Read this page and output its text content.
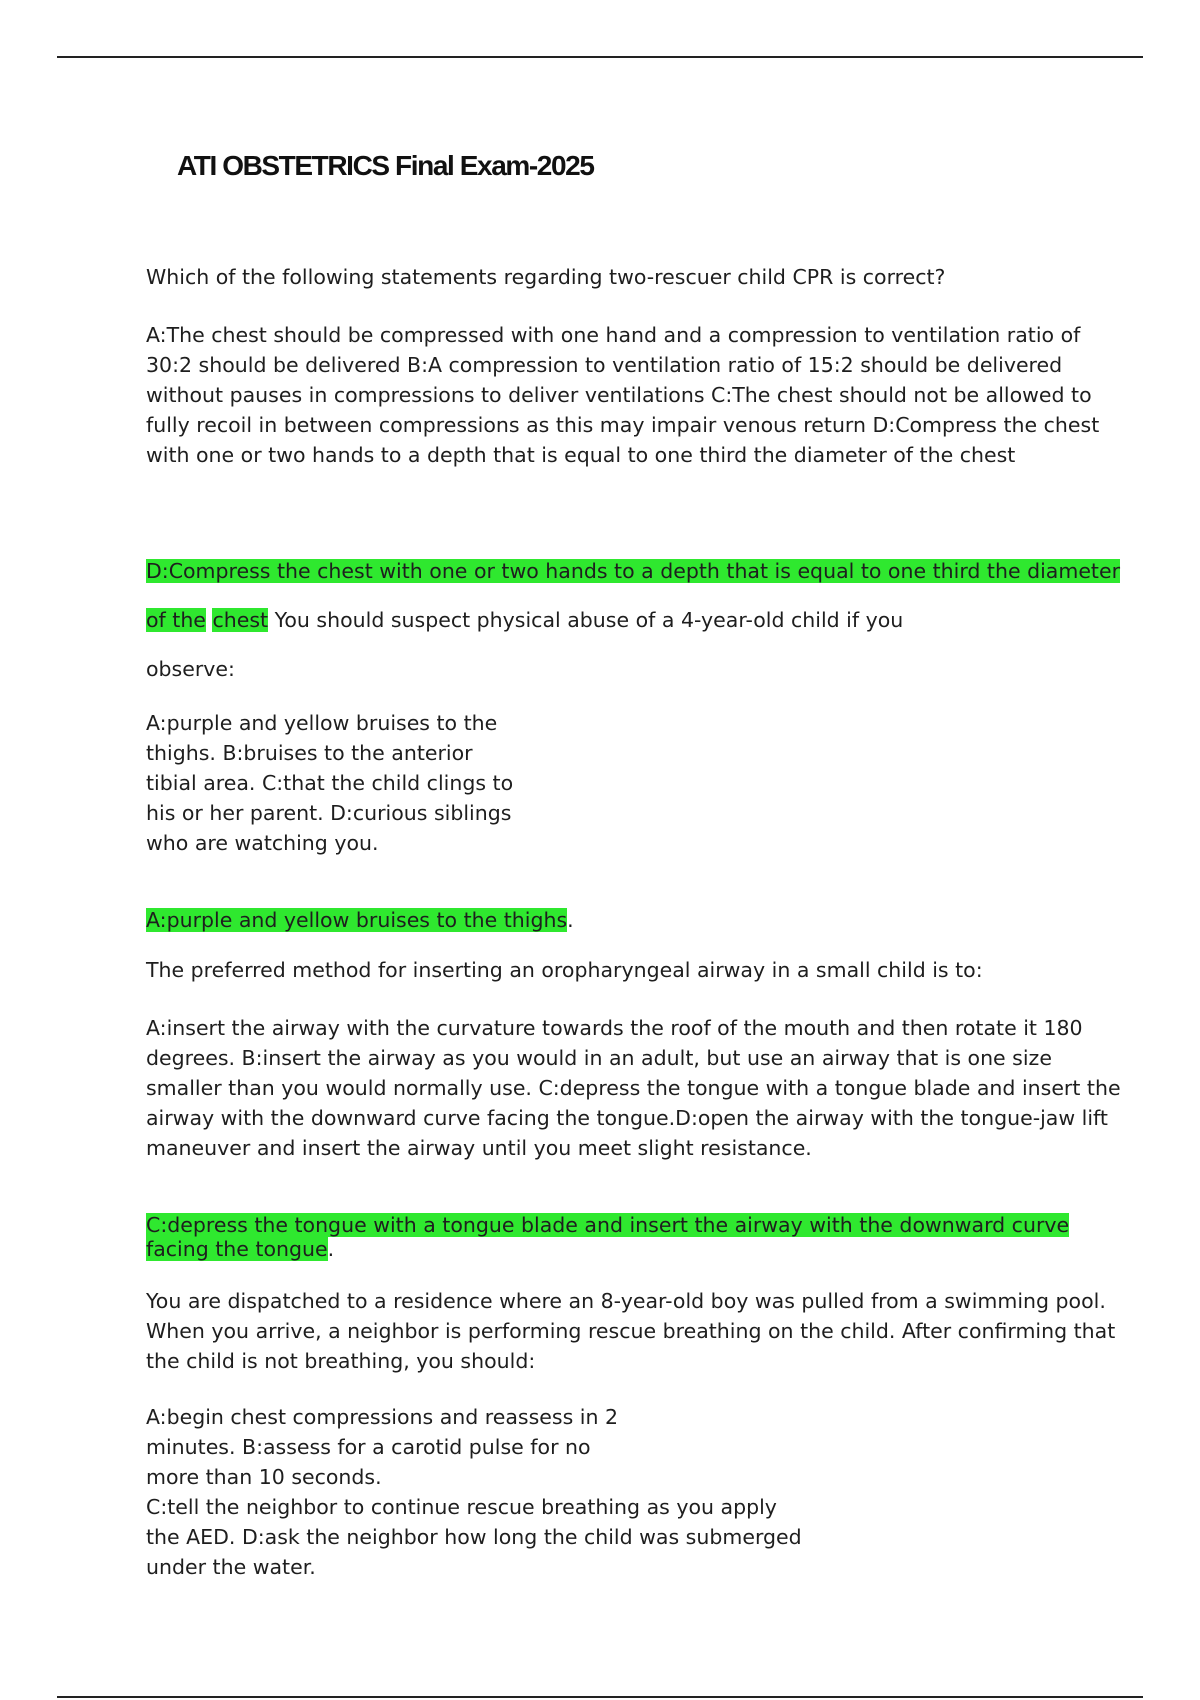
ATI OBSTETRICS Final Exam-2025

Which of the following statements regarding two-rescuer child CPR is correct?

A:The chest should be compressed with one hand and a compression to ventilation ratio of 30:2 should be delivered B:A compression to ventilation ratio of 15:2 should be delivered without pauses in compressions to deliver ventilations C:The chest should not be allowed to fully recoil in between compressions as this may impair venous return D:Compress the chest with one or two hands to a depth that is equal to one third the diameter of the chest

D:Compress the chest with one or two hands to a depth that is equal to one third the diameter of the chest You should suspect physical abuse of a 4-year-old child if you
observe:

A:purple and yellow bruises to the thighs. B:bruises to the anterior tibial area. C:that the child clings to his or her parent. D:curious siblings who are watching you.

A:purple and yellow bruises to the thighs.

The preferred method for inserting an oropharyngeal airway in a small child is to:

A:insert the airway with the curvature towards the roof of the mouth and then rotate it 180 degrees. B:insert the airway as you would in an adult, but use an airway that is one size smaller than you would normally use. C:depress the tongue with a tongue blade and insert the airway with the downward curve facing the tongue.D:open the airway with the tongue-jaw lift maneuver and insert the airway until you meet slight resistance.

C:depress the tongue with a tongue blade and insert the airway with the downward curve facing the tongue.

You are dispatched to a residence where an 8-year-old boy was pulled from a swimming pool. When you arrive, a neighbor is performing rescue breathing on the child. After confirming that the child is not breathing, you should:

A:begin chest compressions and reassess in 2 minutes. B:assess for a carotid pulse for no more than 10 seconds.
C:tell the neighbor to continue rescue breathing as you apply the AED. D:ask the neighbor how long the child was submerged under the water.
